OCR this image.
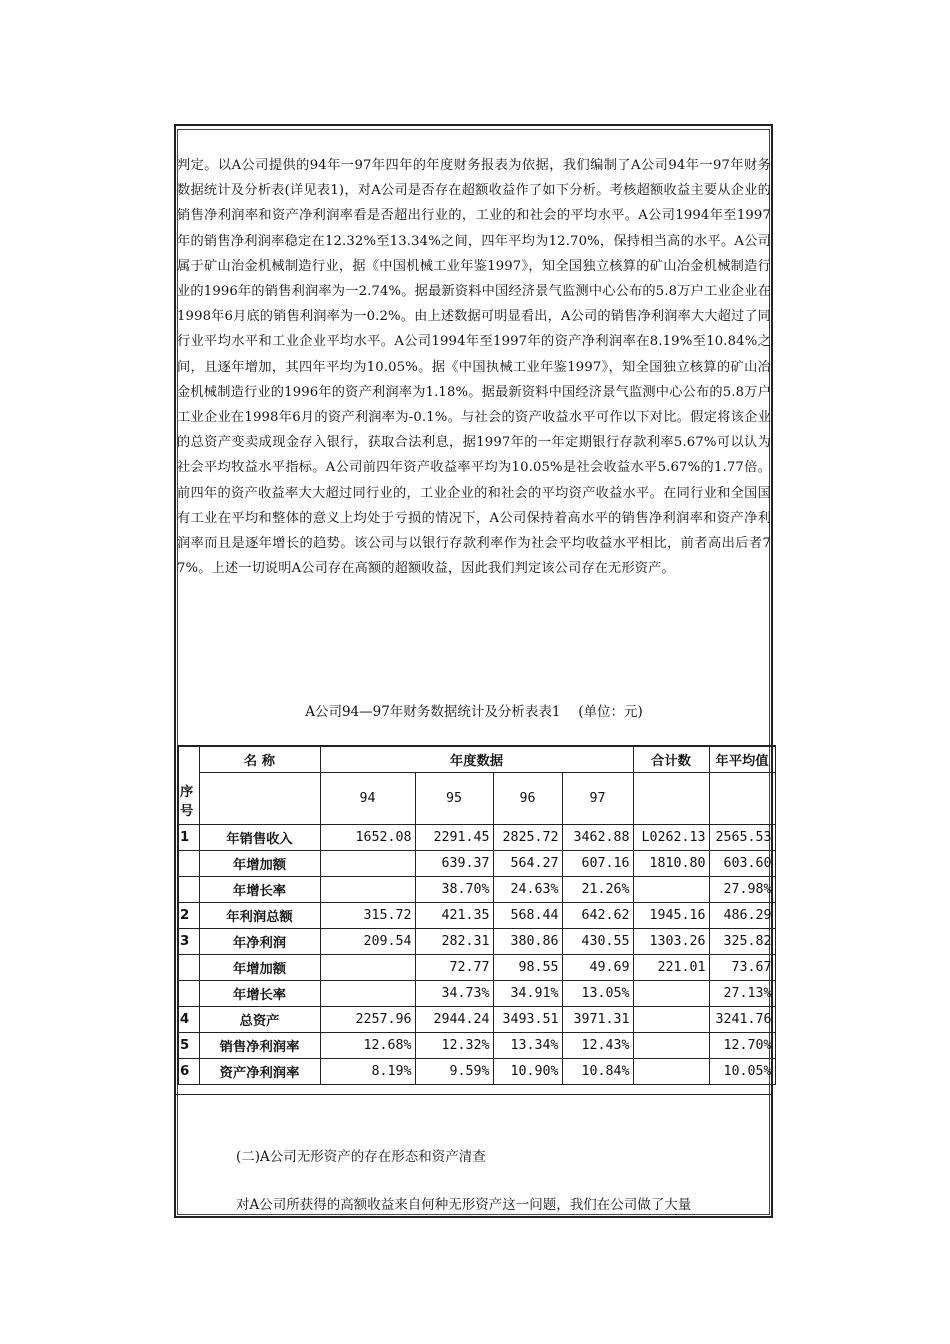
判定。以A公司提供的94年一97年四年的年度财务报表为依据，我们编制了A公司94年一97年财务数据统计及分析表(详见表1)，对A公司是否存在超额收益作了如下分析。考核超额收益主要从企业的销售净利润率和资产净利润率看是否超出行业的，工业的和社会的平均水平。A公司1994年至1997年的销售净利润率稳定在12.32%至13.34%之间，四年平均为12.70%，保持相当高的水平。A公司属于矿山治金机械制造行业，据《中国机械工业年鉴1997》，知全国独立核算的矿山冶金机械制造行业的1996年的销售利润率为一2.74%。据最新资料中国经济景气监测中心公布的5.8万户工业企业在1998年6月底的销售利润率为一0.2%。由上述数据可明显看出，A公司的销售净利润率大大超过了同行业平均水平和工业企业平均水平。A公司1994年至1997年的资产净利润率在8.19%至10.84%之间，且逐年增加，其四年平均为10.05%。据《中国执械工业年鉴1997》，知全国独立核算的矿山冶金机械制造行业的1996年的资产利润率为1.18%。据最新资料中国经济景气监测中心公布的5.8万户工业企业在1998年6月的资产利润率为-0.1%。与社会的资产收益水平可作以下对比。假定将该企业的总资产变卖成现金存入银行，获取合法利息，据1997年的一年定期银行存款利率5.67%可以认为社会平均牧益水平指标。A公司前四年资产收益率平均为10.05%是社会收益水平5.67%的1.77倍。前四年的资产收益率大大超过同行业的，工业企业的和社会的平均资产收益水平。在同行业和全国国有工业在平均和整体的意义上均处于亏损的情况下，A公司保持着高水平的销售净利润率和资产净利润率而且是逐年增长的趋势。该公司与以银行存款利率作为社会平均收益水平相比，前者高出后者77%。上述一切说明A公司存在高额的超额收益，因此我们判定该公司存在无形资产。

A公司94—97年财务数据统计及分析表表1　 (单位：元)
序号	名 称	年度数据				合计数	年平均值
		94	95	96	97		

1	年销售收入	1652.08	2291.45	2825.72	3462.88	L0262.13	2565.53
	年增加额		639.37	564.27	607.16	1810.80	603.60
	年增长率		38.70%	24.63%	21.26%		27.98%
2	年利润总额	315.72	421.35	568.44	642.62	1945.16	486.29
3	年净利润	209.54	282.31	380.86	430.55	1303.26	325.82
	年增加额		72.77	98.55	49.69	221.01	73.67
	年增长率		34.73%	34.91%	13.05%		27.13%
4	总资产	2257.96	2944.24	3493.51	3971.31		3241.76
5	销售净利润率	12.68%	12.32%	13.34%	12.43%		12.70%
6	资产净利润率	8.19%	9.59%	10.90%	10.84%		10.05%
(二)A公司无形资产的存在形态和资产清查
对A公司所获得的高额收益来自何种无形资产这一问题，我们在公司做了大量
